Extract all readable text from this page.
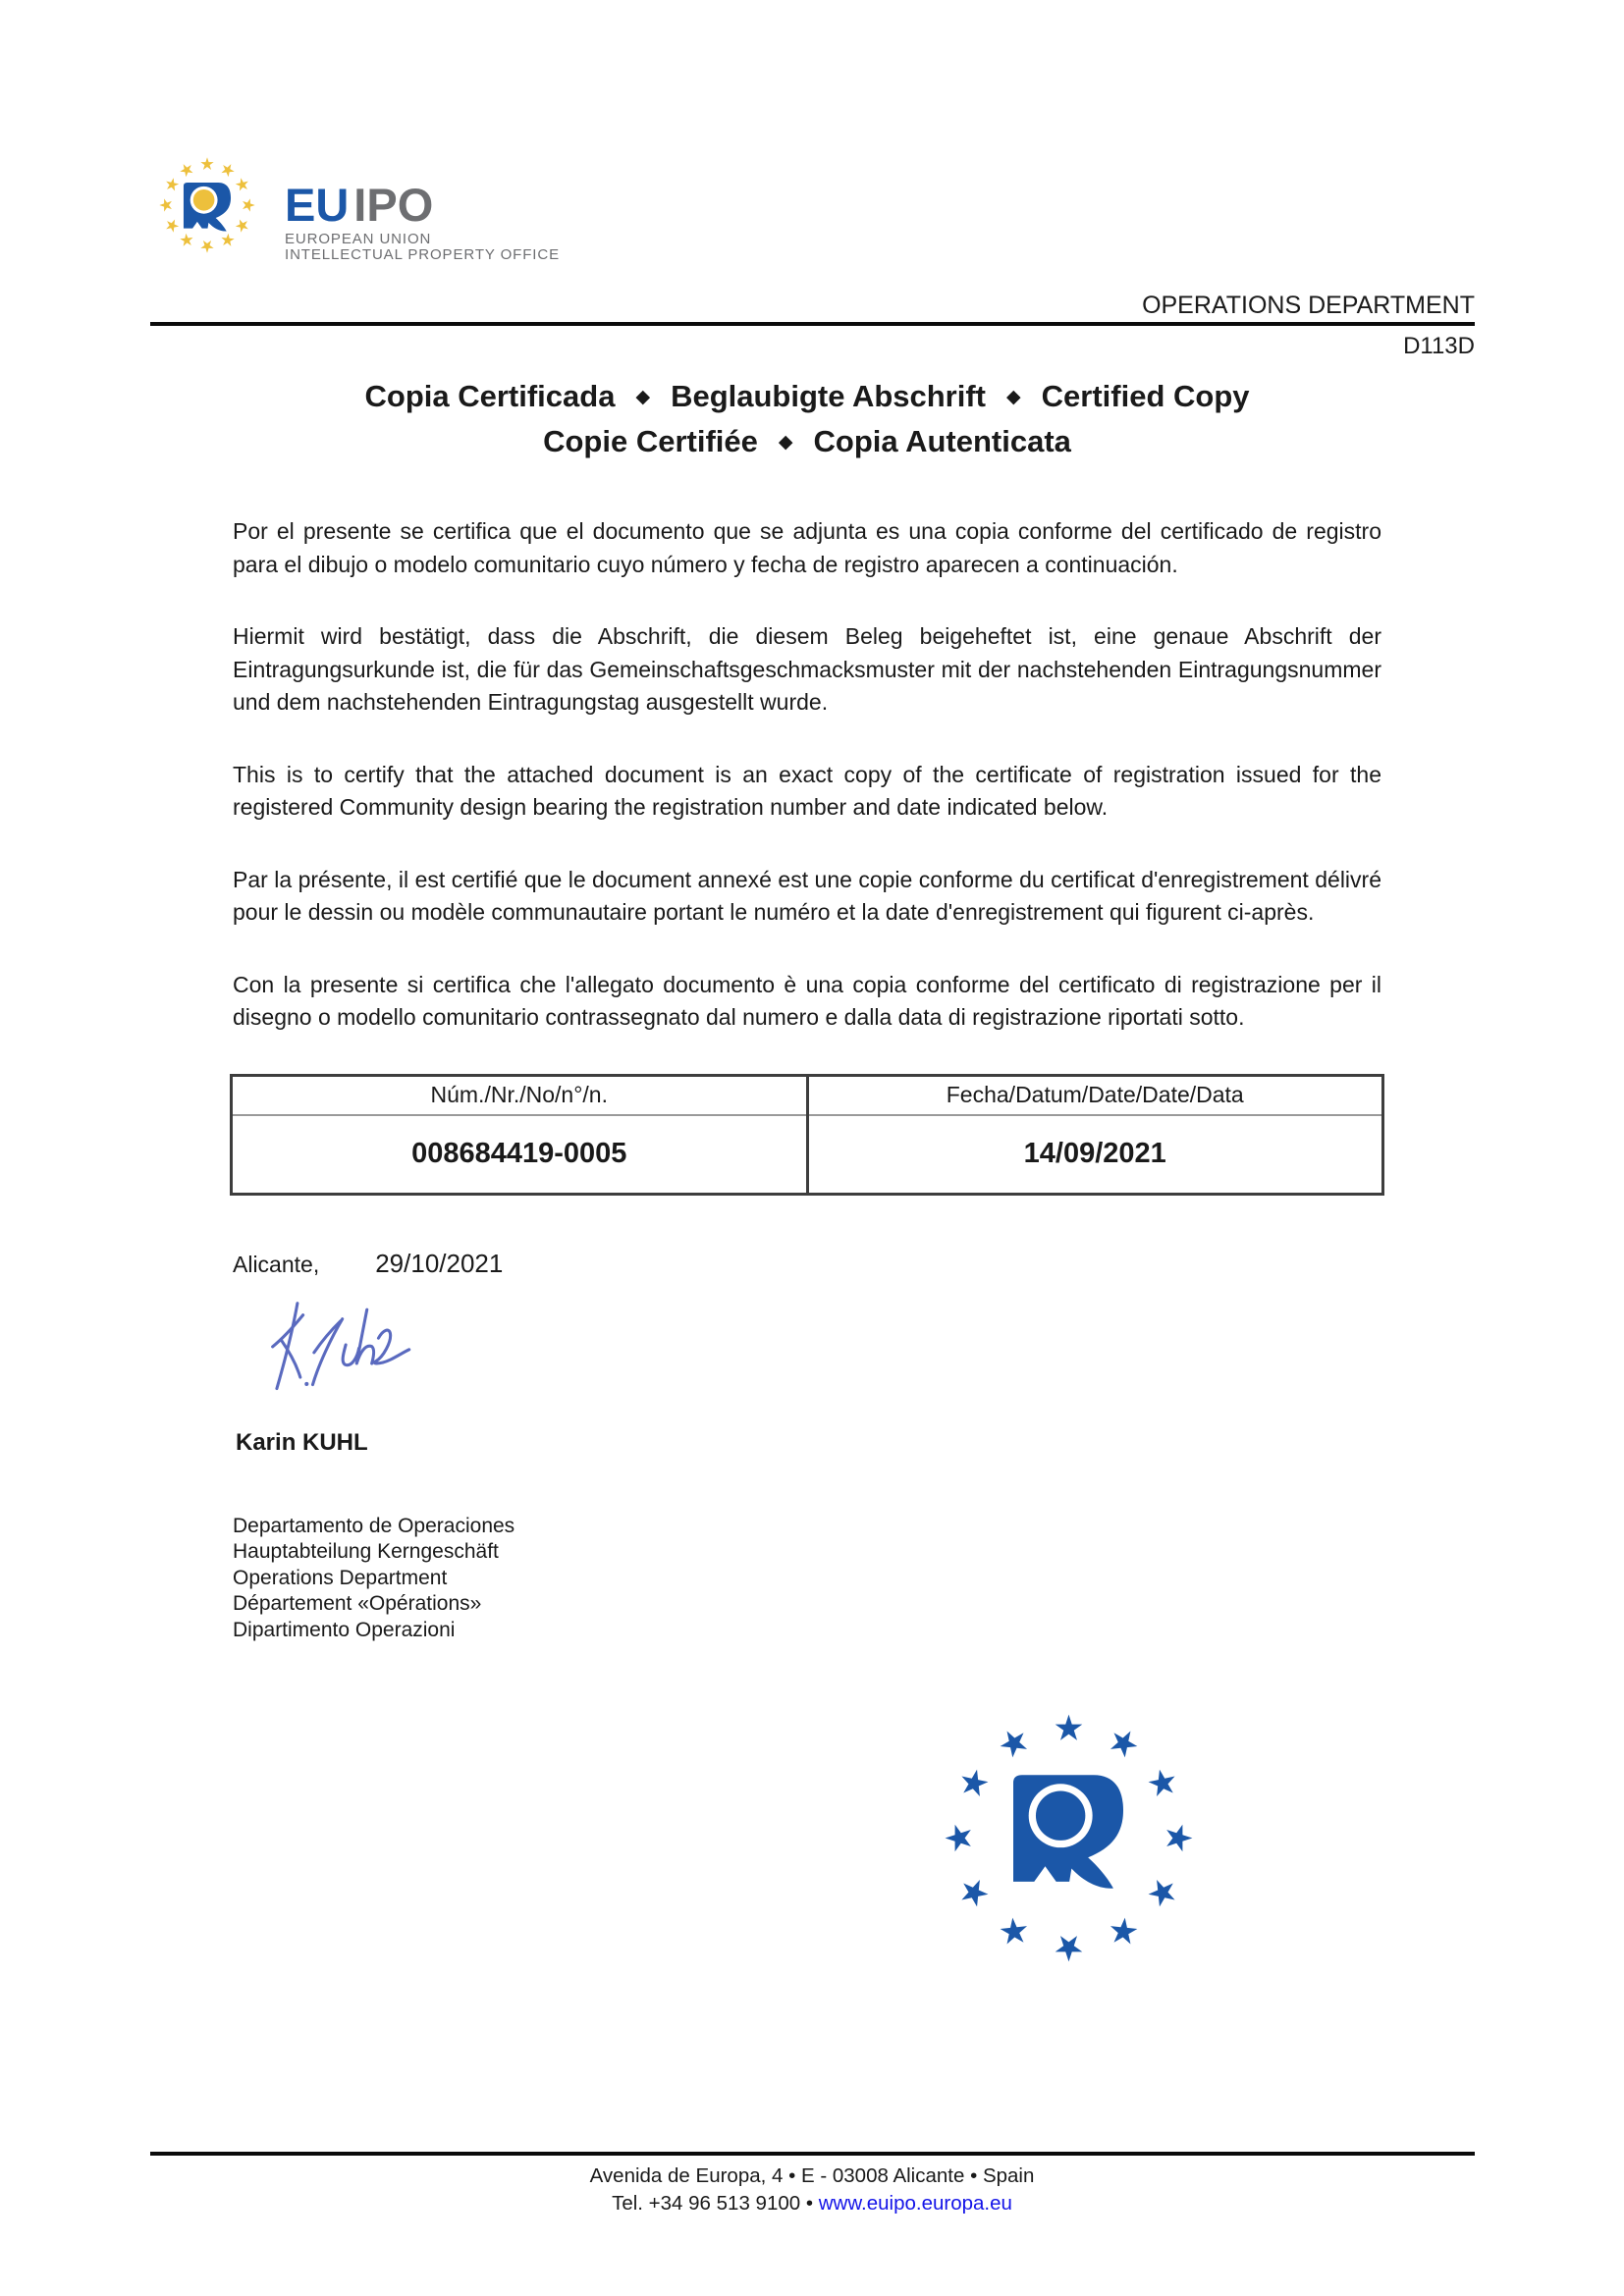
EU IPO
EUROPEAN UNION
INTELLECTUAL PROPERTY OFFICE
OPERATIONS DEPARTMENT
D113D
Copia Certificada ◆ Beglaubigte Abschrift ◆ Certified Copy
Copie Certifiée ◆ Copia Autenticata

Por el presente se certifica que el documento que se adjunta es una copia conforme del certificado de registro para el dibujo o modelo comunitario cuyo número y fecha de registro aparecen a continuación.

Hiermit wird bestätigt, dass die Abschrift, die diesem Beleg beigeheftet ist, eine genaue Abschrift der Eintragungsurkunde ist, die für das Gemeinschaftsgeschmacksmuster mit der nachstehenden Eintragungsnummer und dem nachstehenden Eintragungstag ausgestellt wurde.

This is to certify that the attached document is an exact copy of the certificate of registration issued for the registered Community design bearing the registration number and date indicated below.

Par la présente, il est certifié que le document annexé est une copie conforme du certificat d'enregistrement délivré pour le dessin ou modèle communautaire portant le numéro et la date d'enregistrement qui figurent ci-après.

Con la presente si certifica che l'allegato documento è una copia conforme del certificato di registrazione per il disegno o modello comunitario contrassegnato dal numero e dalla data di registrazione riportati sotto.

Núm./Nr./No/n°/n.	Fecha/Datum/Date/Date/Data
008684419-0005	14/09/2021
Alicante, 29/10/2021
Karin KUHL
Departamento de Operaciones
Hauptabteilung Kerngeschäft
Operations Department
Département «Opérations»
Dipartimento Operazioni
Avenida de Europa, 4 • E - 03008 Alicante • Spain
Tel. +34 96 513 9100 • www.euipo.europa.eu
